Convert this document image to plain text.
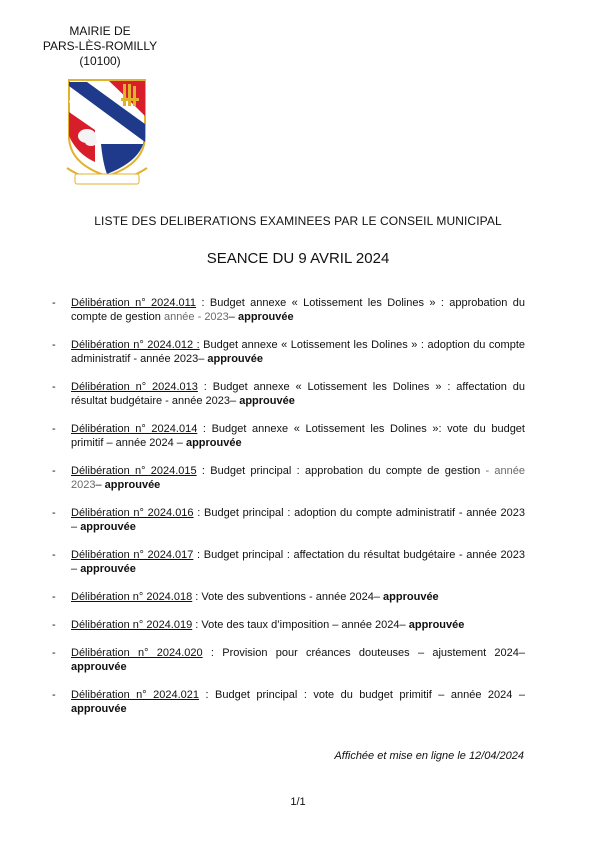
MAIRIE DE
PARS-LÈS-ROMILLY
(10100)
LISTE DES DELIBERATIONS EXAMINEES PAR LE CONSEIL MUNICIPAL
SEANCE DU 9 AVRIL 2024
- Délibération n° 2024.011 : Budget annexe « Lotissement les Dolines » : approbation du compte de gestion année - 2023– approuvée
- Délibération n° 2024.012 : Budget annexe « Lotissement les Dolines » : adoption du compte administratif - année 2023– approuvée
- Délibération n° 2024.013 : Budget annexe « Lotissement les Dolines » : affectation du résultat budgétaire - année 2023– approuvée
- Délibération n° 2024.014 : Budget annexe « Lotissement les Dolines »: vote du budget primitif – année 2024 – approuvée
- Délibération n° 2024.015 : Budget principal : approbation du compte de gestion - année 2023– approuvée
- Délibération n° 2024.016 : Budget principal : adoption du compte administratif - année 2023 – approuvée
- Délibération n° 2024.017 : Budget principal : affectation du résultat budgétaire - année 2023 – approuvée
- Délibération n° 2024.018 : Vote des subventions - année 2024– approuvée
- Délibération n° 2024.019 : Vote des taux d’imposition – année 2024– approuvée
- Délibération n° 2024.020 : Provision pour créances douteuses – ajustement 2024– approuvée
- Délibération n° 2024.021 : Budget principal : vote du budget primitif – année 2024 – approuvée
Affichée et mise en ligne le 12/04/2024
1/1
